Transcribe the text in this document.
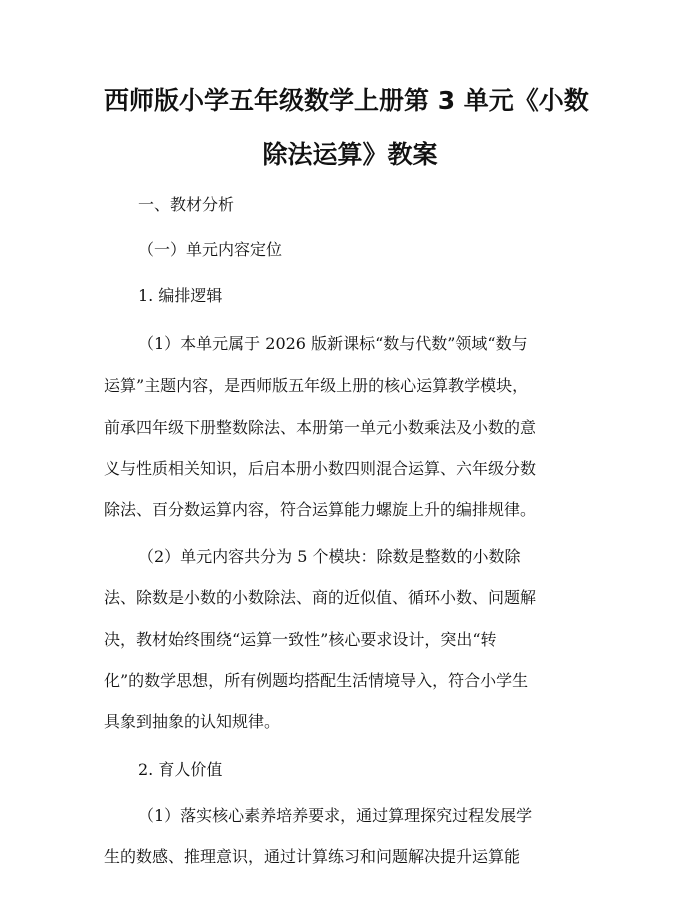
西师版小学五年级数学上册第 3 单元《小数
除法运算》教案
一、教材分析
（一）单元内容定位
1. 编排逻辑
（1）本单元属于 2026 版新课标“数与代数”领域“数与
运算”主题内容，是西师版五年级上册的核心运算教学模块，
前承四年级下册整数除法、本册第一单元小数乘法及小数的意
义与性质相关知识，后启本册小数四则混合运算、六年级分数
除法、百分数运算内容，符合运算能力螺旋上升的编排规律。
（2）单元内容共分为 5 个模块：除数是整数的小数除
法、除数是小数的小数除法、商的近似值、循环小数、问题解
决，教材始终围绕“运算一致性”核心要求设计，突出“转
化”的数学思想，所有例题均搭配生活情境导入，符合小学生
具象到抽象的认知规律。
2. 育人价值
（1）落实核心素养培养要求，通过算理探究过程发展学
生的数感、推理意识，通过计算练习和问题解决提升运算能
